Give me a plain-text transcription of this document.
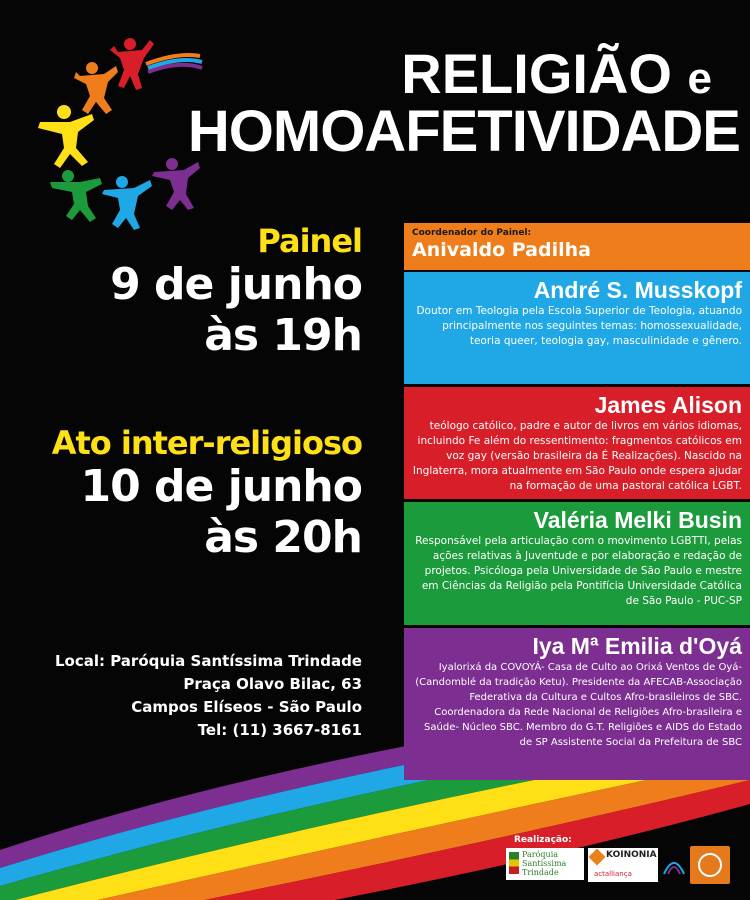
RELIGIÃO e
HOMOAFETIVIDADE
Painel
9 de junho
às 19h
Ato inter-religioso
10 de junho
às 20h
Local: Paróquia Santíssima Trindade
Praça Olavo Bilac, 63
Campos Elíseos - São Paulo
Tel: (11) 3667-8161
Coordenador do Painel:
Anivaldo Padilha
André S. Musskopf
Doutor em Teologia pela Escola Superior de Teologia, atuando principalmente nos seguintes temas: homossexualidade, teoria queer, teologia gay, masculinidade e gênero.
James Alison
teólogo católico, padre e autor de livros em vários idiomas, incluindo Fe além do ressentimento: fragmentos católicos em voz gay (versão brasileira da É Realizações). Nascido na Inglaterra, mora atualmente em São Paulo onde espera ajudar na formação de uma pastoral católica LGBT.
Valéria Melki Busin
Responsável pela articulação com o movimento LGBTTI, pelas ações relativas à Juventude e por elaboração e redação de projetos. Psicóloga pela Universidade de São Paulo e mestre em Ciências da Religião pela Pontifícia Universidade Católica de São Paulo - PUC-SP
Iya Mª Emilia d'Oyá
Iyalorixá da COVOYÁ- Casa de Culto ao Orixá Ventos de Oyá-(Candomblé da tradição Ketu). Presidente da AFECAB-Associação Federativa da Cultura e Cultos Afro-brasileiros de SBC. Coordenadora da Rede Nacional de Religiões Afro-brasileira e Saúde- Núcleo SBC. Membro do G.T. Religiões e AIDS do Estado de SP Assistente Social da Prefeitura de SBC
Realização:
Paróquia
Santíssima
Trindade
KOINONIA
actalliança
